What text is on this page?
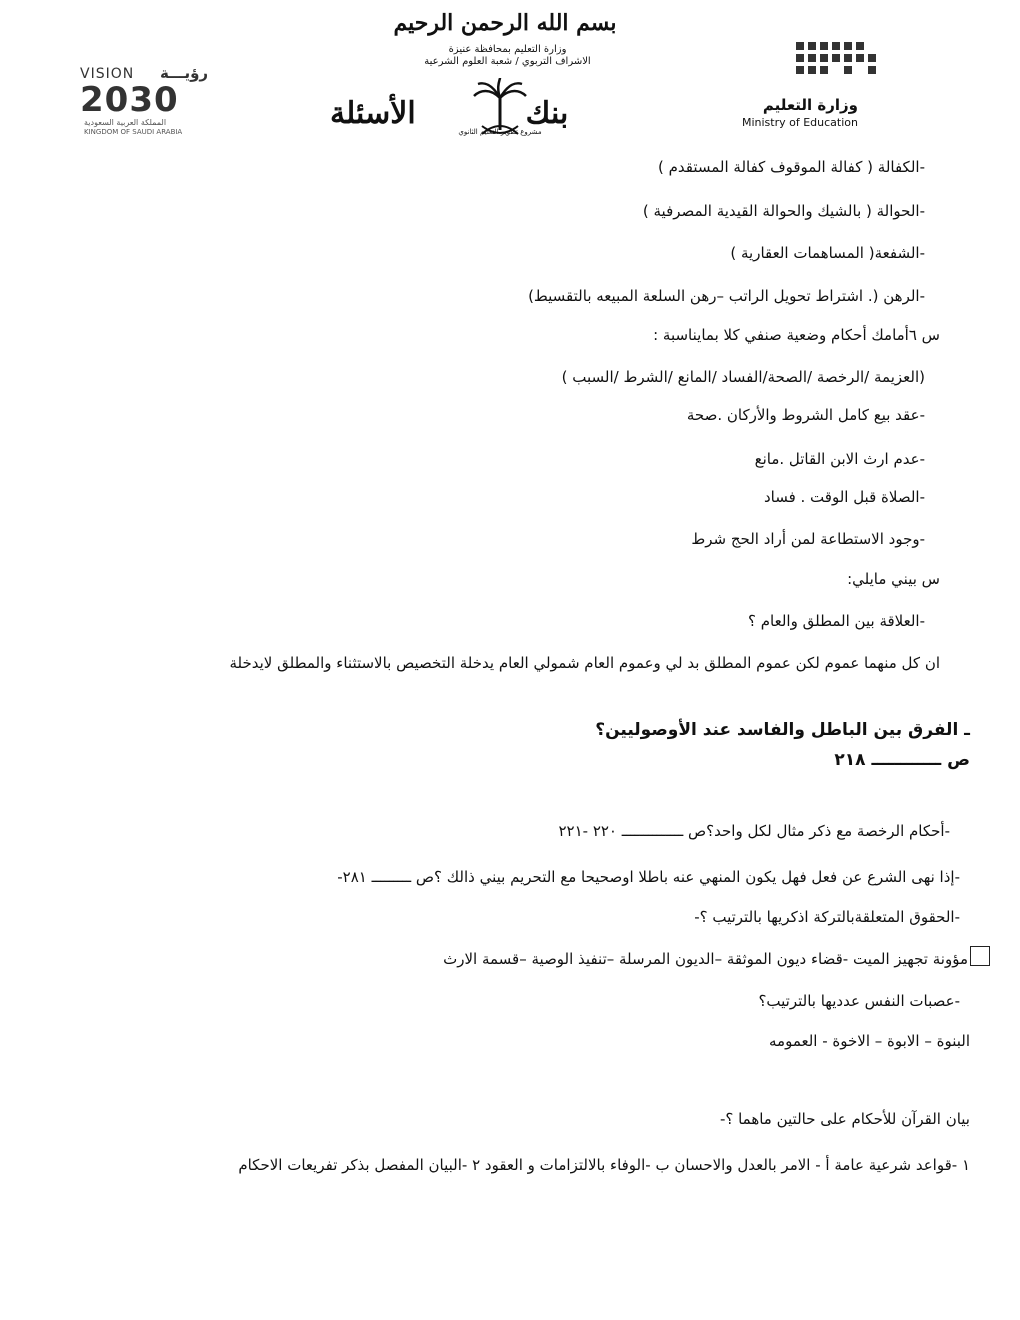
بسم الله الرحمن الرحيم
وزارة التعليم بمحافظة عنيزة
الاشراف التربوي / شعبة العلوم الشرعية
بنكالأسئلة
مشروع تطوير التعليم الثانوي
وزارة التعليم
Ministry of Education
VISION رؤيـــة
2030
المملكة العربية السعودية
KINGDOM OF SAUDI ARABIA
-الكفالة ( كفالة الموقوف كفالة المستقدم )
-الحوالة ( بالشيك والحوالة القيدية المصرفية )
-الشفعة( المساهمات العقارية )
-الرهن (. اشتراط تحويل الراتب –رهن السلعة المبيعه بالتقسيط)
س ٦أمامك أحكام وضعية صنفي كلا بمايناسبة :
(العزيمة /الرخصة /الصحة/الفساد /المانع /الشرط /السبب )
-عقد بيع كامل الشروط والأركان .صحة
-عدم ارث الابن القاتل .مانع
-الصلاة قبل الوقت . فساد
-وجود الاستطاعة لمن أراد الحج شرط
س بيني مايلي:
-العلاقة بين المطلق والعام ؟
ان كل منهما عموم لكن عموم المطلق بد لي وعموم العام شمولي العام يدخلة التخصيص بالاستثناء والمطلق لايدخلة
ـ الفرق بين الباطل والفاسد عند الأوصوليين؟
ص ــــــــــــ ٢١٨
-أحكام الرخصة مع ذكر مثال لكل واحد؟ص ــــــــــــــ ٢٢٠ -٢٢١
-إذا نهى الشرع عن فعل فهل يكون المنهي عنه باطلا اوصحيحا مع التحريم بيني ذالك ؟ص ـــــــــ ٢٨١-
-الحقوق المتعلقةبالتركة اذكريها بالترتيب ؟-
مؤونة تجهيز الميت -قضاء ديون الموثقة –الديون المرسلة –تنفيذ الوصية –قسمة الارث
-عصبات النفس عدديها بالترتيب؟
البنوة – الابوة – الاخوة - العمومه
بيان القرآن للأحكام على حالتين ماهما ؟-
١ -قواعد شرعية عامة أ - الامر بالعدل والاحسان ب -الوفاء بالالتزامات و العقود ٢ -البيان المفصل بذكر تفريعات الاحكام
